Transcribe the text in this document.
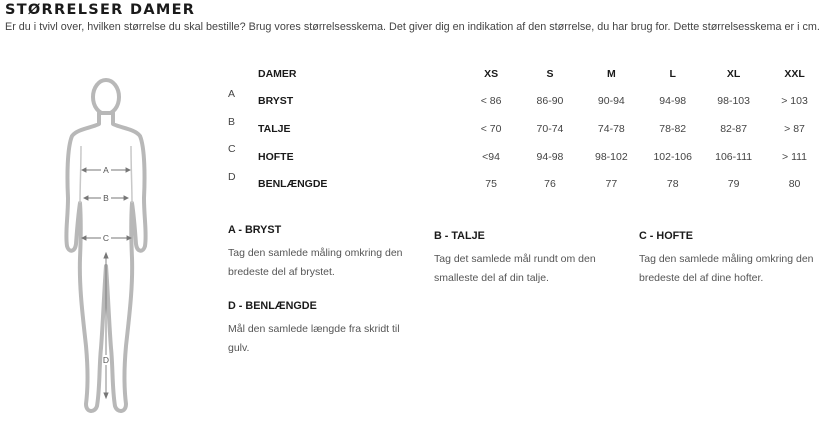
STØRRELSER DAMER
Er du i tvivl over, hvilken størrelse du skal bestille? Brug vores størrelsesskema. Det giver dig en indikation af den størrelse, du har brug for. Dette størrelsesskema er i cm.
A
B
C
D
A
B
C
D
DAMER	XS	S	M	L	XL	XXL
BRYST	< 86	86-90	90-94	94-98	98-103	> 103
TALJE	< 70	70-74	74-78	78-82	82-87	> 87
HOFTE	<94	94-98	98-102	102-106	106-111	> 111
BENLÆNGDE	75	76	77	78	79	80
A - BRYST
Tag den samlede måling omkring den
bredeste del af brystet.
B - TALJE
Tag det samlede mål rundt om den
smalleste del af din talje.
C - HOFTE
Tag den samlede måling omkring den
bredeste del af dine hofter.
D - BENLÆNGDE
Mål den samlede længde fra skridt til
gulv.
